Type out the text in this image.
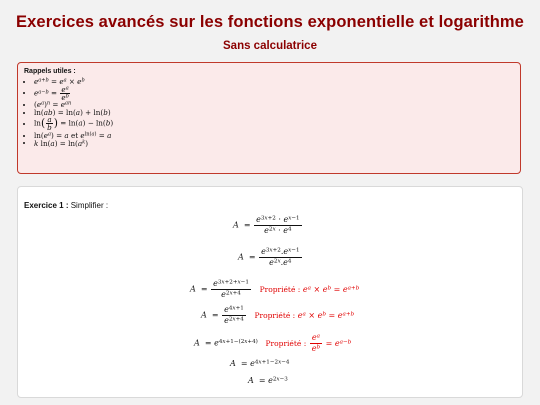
Exercices avancés sur les fonctions exponentielle et logarithme
Sans calculatrice
Rappels utiles :
• $e^{a+b} = e^a \times e^b$
• $e^{a-b} = \frac{e^a}{e^b}$
• $(e^a)^n = e^{an}$
• ln(ab) = ln(a) + ln(b)
• $\ln( \frac{a}{b}$ ) = ln(a) − ln(b)
• $\ln(e^a) = a$ et $e^{ln(a)} = a$
• k $\ln(a) = \ln(a^k)$
Exercice 1 : Simplifier :
$A = \frac{e^{3x+2} \cdot e^{x-1}}{e^{2x} \cdot e^4}$
$A = \frac{e^{3x+2}.e^{x-1}}{e^{2x}.e^4}$
$A = \frac{e^{3x+2+x-1}}{e^{2x+4}}$ Propriété : $e^a \times e^b = e^{a+b}$
$A = \frac{e^{4x+1}}{e^{2x+4}}$ Propriété : $e^a \times e^b = e^{a+b}$
$A = e^{4x+1-(2x+4)}$ Propriété : $\frac{e^a}{e^b} = e^{a-b}$
$A = e^{4x+1-2x-4}$
$A = e^{2x-3}$
